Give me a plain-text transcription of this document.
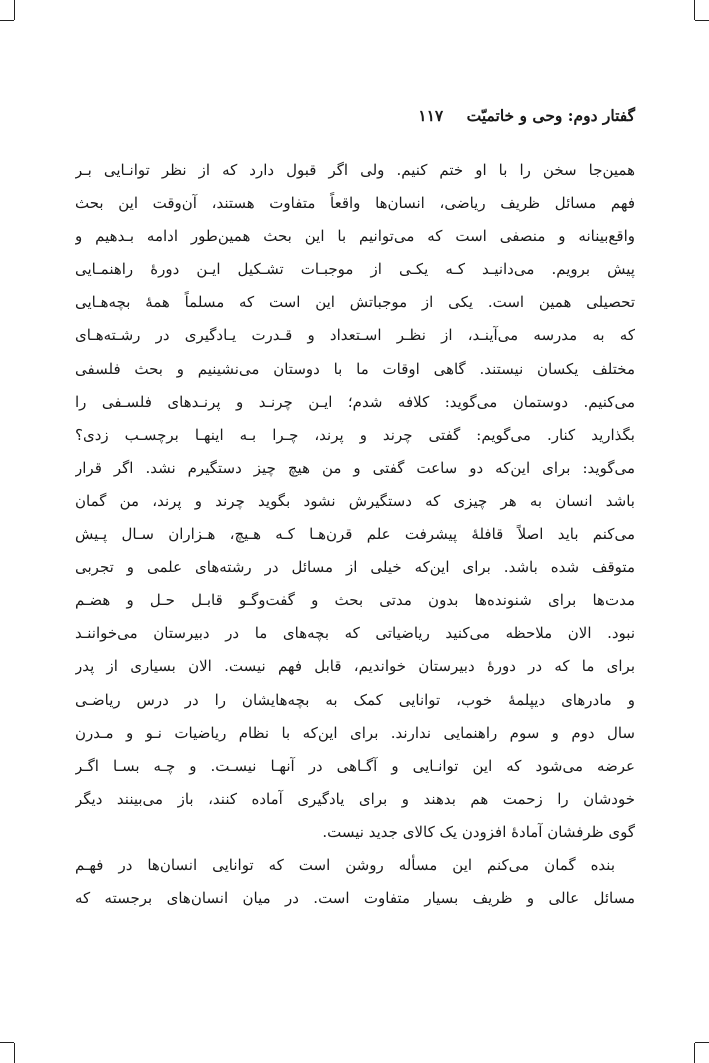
گفتار دوم: وحی و خاتمیّت ۱۱۷
همین‌جا سخن را با او ختم کنیم. ولی اگر قبول دارد که از نظر توانـایی بـر
فهم مسائل ظریف ریاضی، انسان‌ها واقعاً متفاوت هستند، آن‌وقت این بحث
واقع‌بینانه و منصفی است که می‌توانیم با این بحث همین‌طور ادامه بـدهیم و
پیش برویم. می‌دانیـد کـه یکـی از موجبـات تشـکیل ایـن دورهٔ راهنمـایی
تحصیلی همین است. یکی از موجباتش این است که مسلماً همهٔ بچه‌هـایی
که به مدرسه می‌آینـد، از نظـر اسـتعداد و قـدرت یـادگیری در رشـته‌هـای
مختلف یکسان نیستند. گاهی اوقات ما با دوستان می‌نشینیم و بحث فلسفی
می‌کنیم. دوستمان می‌گوید: کلافه شدم؛ ایـن چرنـد و پرنـدهای فلسـفی را
بگذارید کنار. می‌گویم: گفتی چرند و پرند، چـرا بـه اینهـا برچسـب زدی؟
می‌گوید: برای این‌که دو ساعت گفتی و من هیچ چیز دستگیرم نشد. اگر قرار
باشد انسان به هر چیزی که دستگیرش نشود بگوید چرند و پرند، من گمان
می‌کنم باید اصلاً قافلهٔ پیشرفت علم قرن‌هـا کـه هـیچ، هـزاران سـال پـیش
متوقف شده باشد. برای این‌که خیلی از مسائل در رشته‌های علمی و تجربی
مدت‌ها برای شنونده‌ها بدون مدتی بحث و گفت‌وگـو قابـل حـل و هضـم
نبود. الان ملاحظه می‌کنید ریاضیاتی که بچه‌های ما در دبیرستان می‌خواننـد
برای ما که در دورهٔ دبیرستان خواندیم، قابل فهم نیست. الان بسیاری از پدر
و مادرهای دیپلمهٔ خوب، توانایی کمک به بچه‌هایشان را در درس ریاضـی
سال دوم و سوم راهنمایی ندارند. برای این‌که با نظام ریاضیات نـو و مـدرن
عرضه می‌شود که این توانـایی و آگـاهی در آنهـا نیسـت. و چـه بسـا اگـر
خودشان را زحمت هم بدهند و برای یادگیری آماده کنند، باز می‌بینند دیگر
گوی ظرفشان آمادهٔ افزودن یک کالای جدید نیست.
بنده گمان می‌کنم این مسأله روشن است که توانایی انسان‌ها در فهـم
مسائل عالی و ظریف بسیار متفاوت است. در میان انسان‌های برجسته که
